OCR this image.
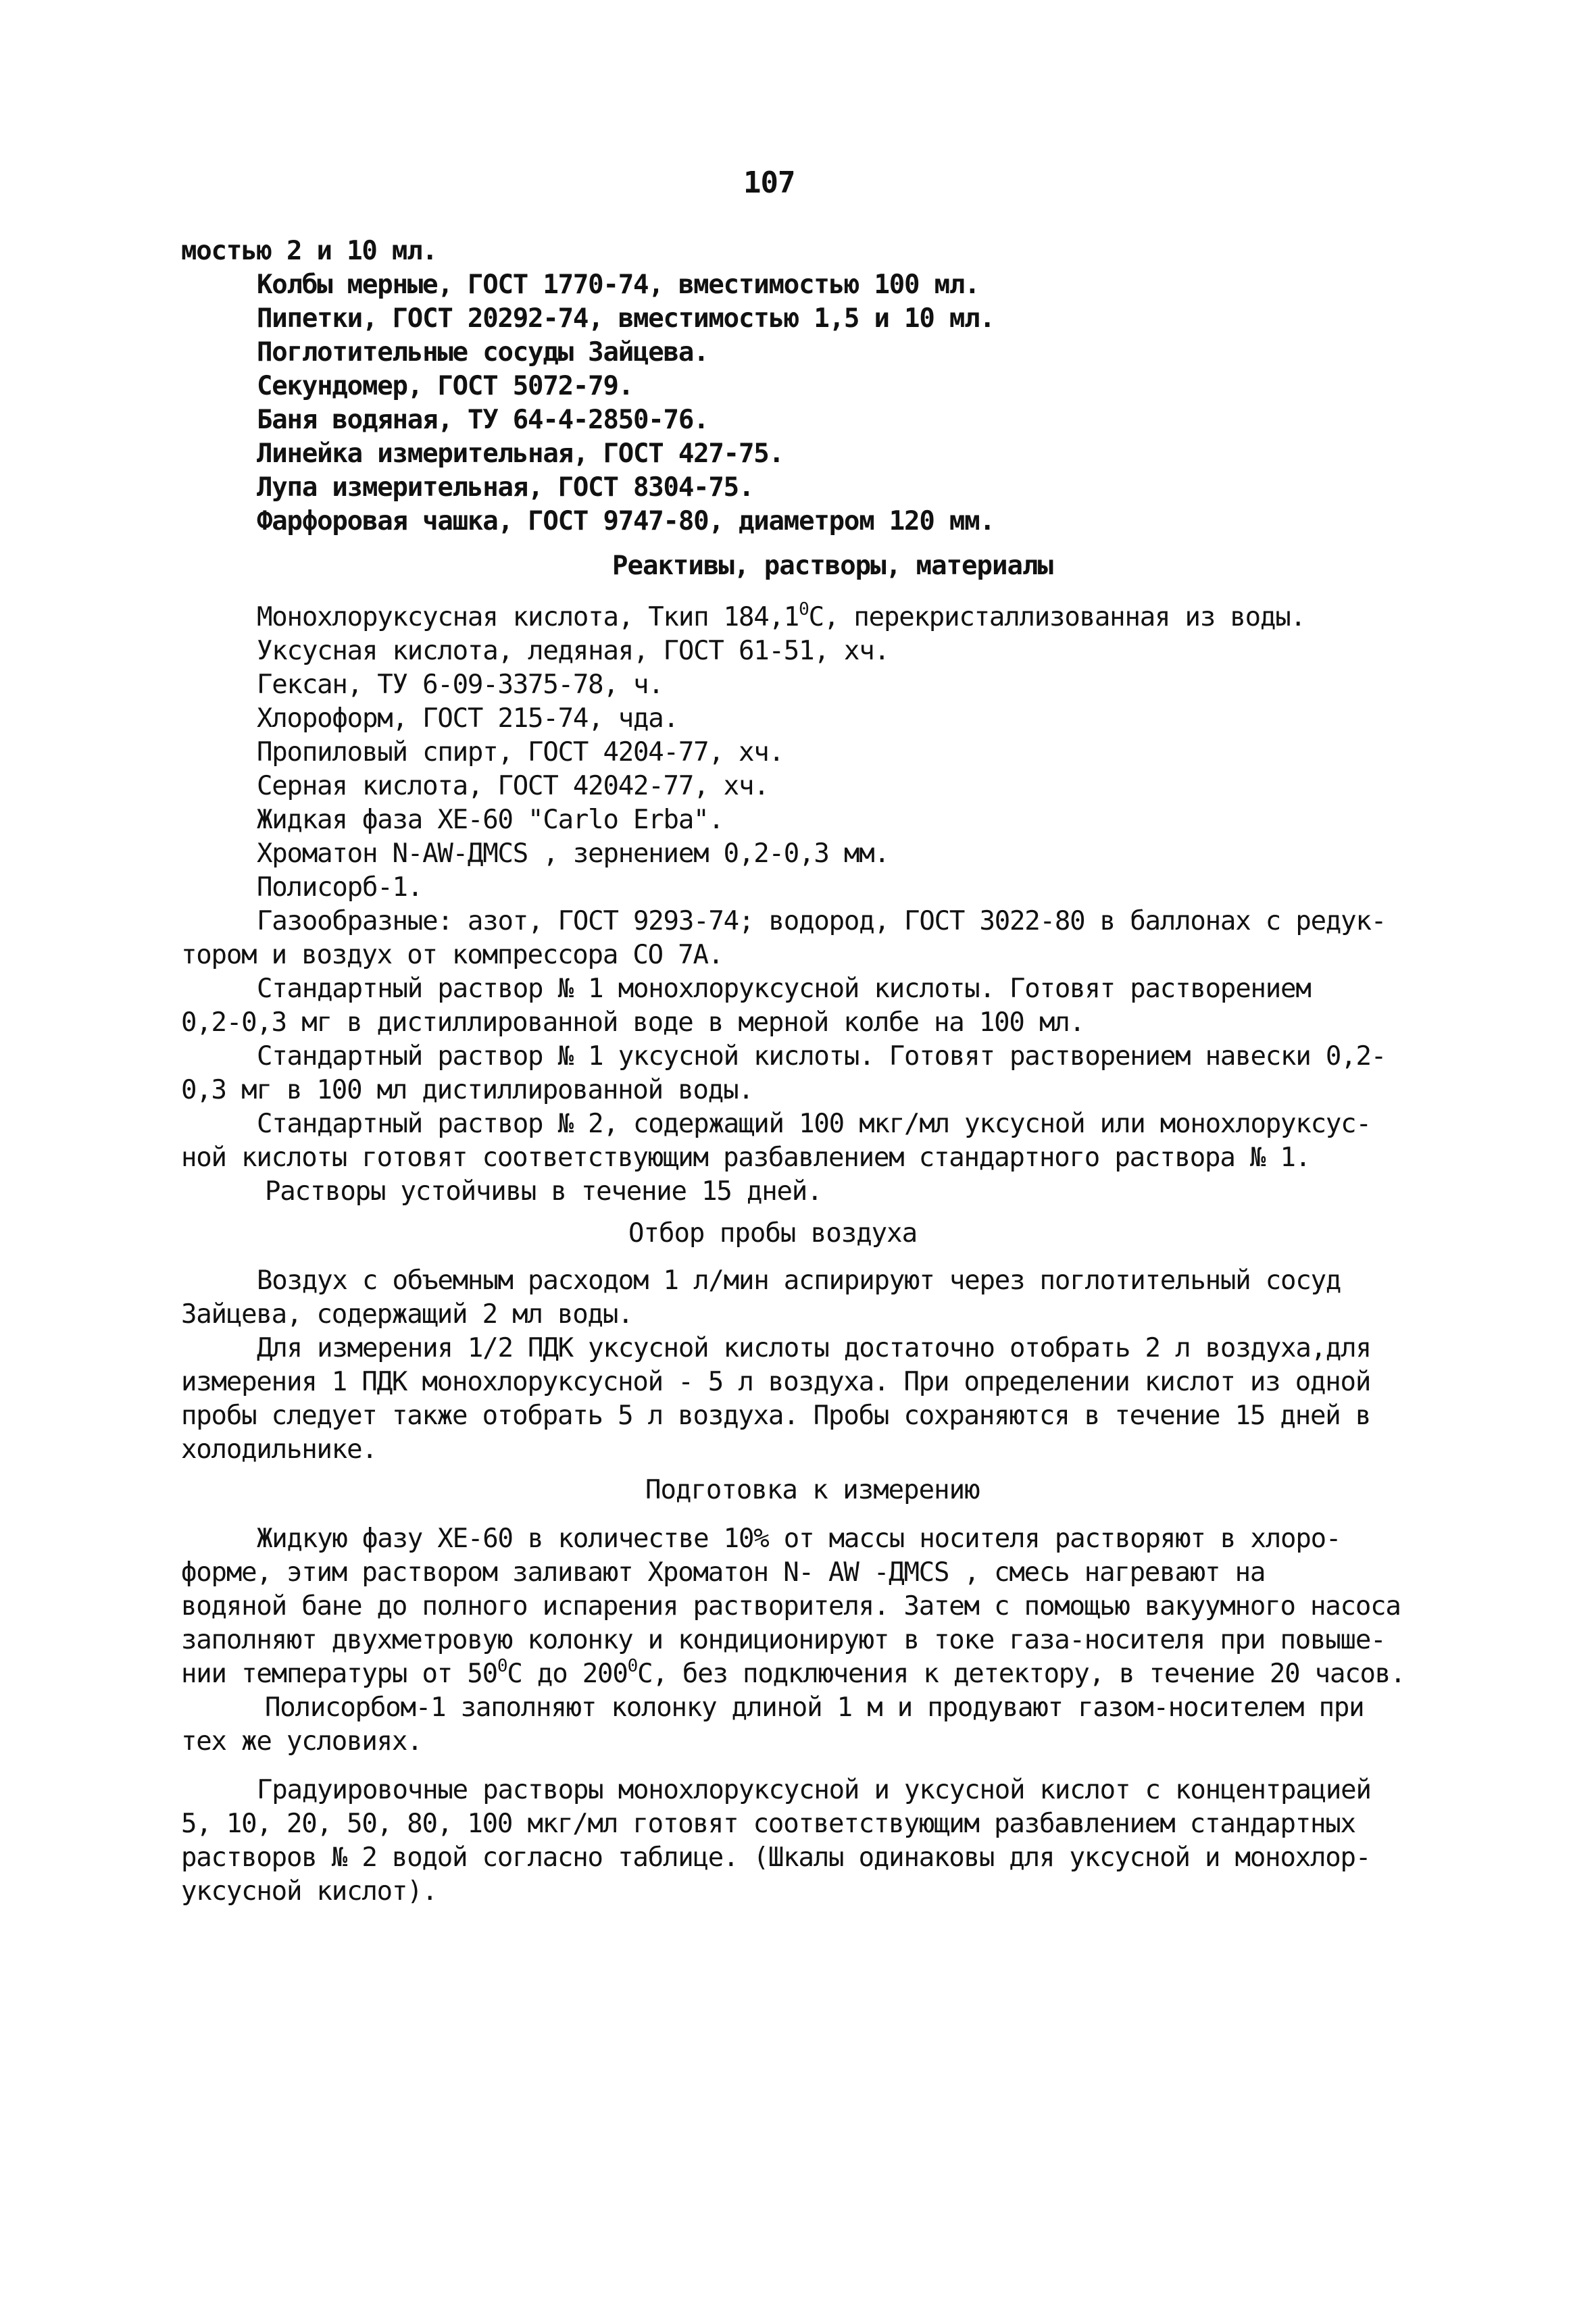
107
мостью 2 и 10 мл.
Колбы мерные, ГОСТ 1770-74, вместимостью 100 мл.
Пипетки, ГОСТ 20292-74, вместимостью 1,5 и 10 мл.
Поглотительные сосуды Зайцева.
Секундомер, ГОСТ 5072-79.
Баня водяная, ТУ 64-4-2850-76.
Линейка измерительная, ГОСТ 427-75.
Лупа измерительная, ГОСТ 8304-75.
Фарфоровая чашка, ГОСТ 9747-80, диаметром 120 мм.
Реактивы, растворы, материалы
Монохлоруксусная кислота, Ткип 184,1$^0$С, перекристаллизованная из воды.
Уксусная кислота, ледяная, ГОСТ 61-51, хч.
Гексан, ТУ 6-09-3375-78, ч.
Хлороформ, ГОСТ 215-74, чда.
Пропиловый спирт, ГОСТ 4204-77, хч.
Серная кислота, ГОСТ 42042-77, хч.
Жидкая фаза ХЕ-60 "Carlo Erba".
Хроматон N-AW-ДМСS , зернением 0,2-0,3 мм.
Полисорб-1.
Газообразные: азот, ГОСТ 9293-74; водород, ГОСТ 3022-80 в баллонах с редук-
тором и воздух от компрессора СО 7А.
Стандартный раствор № 1 монохлоруксусной кислоты. Готовят растворением
0,2-0,3 мг в дистиллированной воде в мерной колбе на 100 мл.
Стандартный раствор № 1 уксусной кислоты. Готовят растворением навески 0,2-
0,3 мг в 100 мл дистиллированной воды.
Стандартный раствор № 2, содержащий 100 мкг/мл уксусной или монохлоруксус-
ной кислоты готовят соответствующим разбавлением стандартного раствора № 1.
Растворы устойчивы в течение 15 дней.
Отбор пробы воздуха
Воздух с объемным расходом 1 л/мин аспирируют через поглотительный сосуд
Зайцева, содержащий 2 мл воды.
Для измерения 1/2 ПДК уксусной кислоты достаточно отобрать 2 л воздуха,для
измерения 1 ПДК монохлоруксусной - 5 л воздуха. При определении кислот из одной
пробы следует также отобрать 5 л воздуха. Пробы сохраняются в течение 15 дней в
холодильнике.
Подготовка к измерению
Жидкую фазу ХЕ-60 в количестве 10% от массы носителя растворяют в хлоро-
форме, этим раствором заливают Хроматон N- AW -ДМСS , смесь нагревают на
водяной бане до полного испарения растворителя. Затем с помощью вакуумного насоса
заполняют двухметровую колонку и кондиционируют в токе газа-носителя при повыше-
нии температуры от $50^0С$ до $200^0С$, без подключения к детектору, в течение 20 часов.
Полисорбом-1 заполняют колонку длиной 1 м и продувают газом-носителем при
тех же условиях.
Градуировочные растворы монохлоруксусной и уксусной кислот с концентрацией
5, 10, 20, 50, 80, 100 мкг/мл готовят соответствующим разбавлением стандартных
растворов № 2 водой согласно таблице. (Шкалы одинаковы для уксусной и монохлор-
уксусной кислот).
